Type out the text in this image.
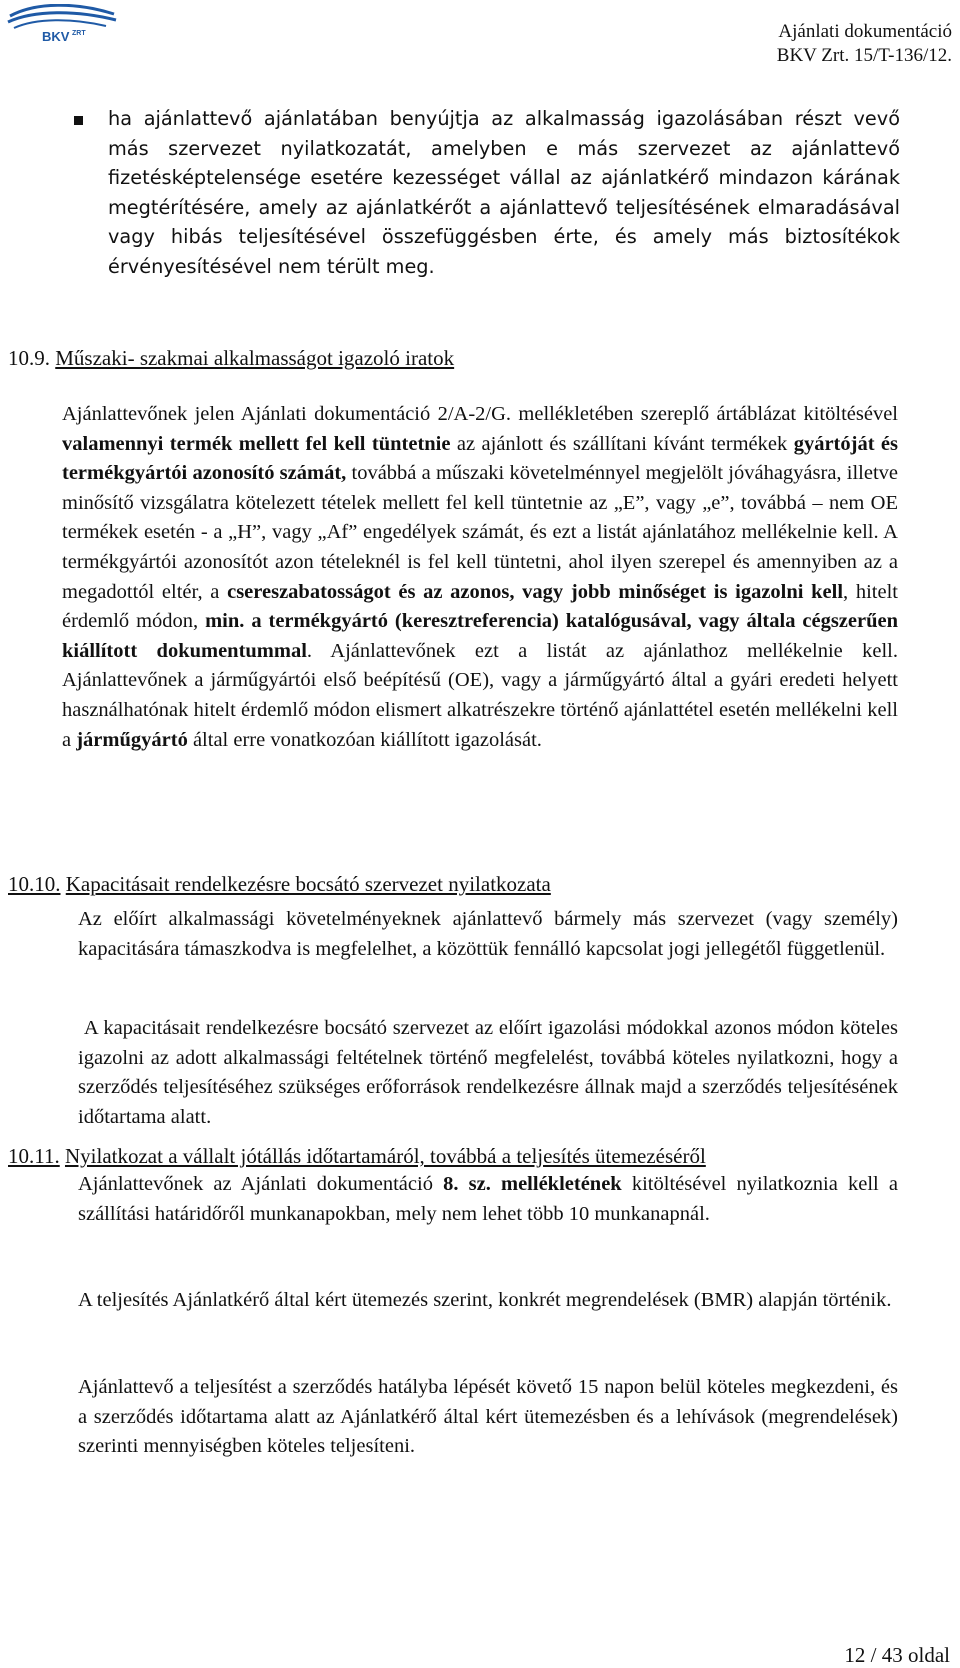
BKV ZRT	Ajánlati dokumentáció
BKV Zrt. 15/T-136/12.

ha ajánlattevő ajánlatában benyújtja az alkalmasság igazolásában részt vevő más szervezet nyilatkozatát, amelyben e más szervezet az ajánlattevő fizetésképtelensége esetére kezességet vállal az ajánlatkérő mindazon kárának megtérítésére, amely az ajánlatkérőt a ajánlattevő teljesítésének elmaradásával vagy hibás teljesítésével összefüggésben érte, és amely más biztosítékok érvényesítésével nem térült meg.

10.9. Műszaki- szakmai alkalmasságot igazoló iratok

Ajánlattevőnek jelen Ajánlati dokumentáció 2/A-2/G. mellékletében szereplő ártáblázat kitöltésével valamennyi termék mellett fel kell tüntetnie az ajánlott és szállítani kívánt termékek gyártóját és termékgyártói azonosító számát, továbbá a műszaki követelménnyel megjelölt jóváhagyásra, illetve minősítő vizsgálatra kötelezett tételek mellett fel kell tüntetnie az „E”, vagy „e”, továbbá – nem OE termékek esetén - a „H”, vagy „Af” engedélyek számát, és ezt a listát ajánlatához mellékelnie kell. A termékgyártói azonosítót azon tételeknél is fel kell tüntetni, ahol ilyen szerepel és amennyiben az a megadottól eltér, a csereszabatosságot és az azonos, vagy jobb minőséget is igazolni kell, hitelt érdemlő módon, min. a termékgyártó (keresztreferencia) katalógusával, vagy általa cégszerűen kiállított dokumentummal. Ajánlattevőnek ezt a listát az ajánlathoz mellékelnie kell. Ajánlattevőnek a járműgyártói első beépítésű (OE), vagy a járműgyártó által a gyári eredeti helyett használhatónak hitelt érdemlő módon elismert alkatrészekre történő ajánlattétel esetén mellékelni kell a járműgyártó által erre vonatkozóan kiállított igazolását.

10.10. Kapacitásait rendelkezésre bocsátó szervezet nyilatkozata

Az előírt alkalmassági követelményeknek ajánlattevő bármely más szervezet (vagy személy) kapacitására támaszkodva is megfelelhet, a közöttük fennálló kapcsolat jogi jellegétől függetlenül.

A kapacitásait rendelkezésre bocsátó szervezet az előírt igazolási módokkal azonos módon köteles igazolni az adott alkalmassági feltételnek történő megfelelést, továbbá köteles nyilatkozni, hogy a szerződés teljesítéséhez szükséges erőforrások rendelkezésre állnak majd a szerződés teljesítésének időtartama alatt.

10.11. Nyilatkozat a vállalt jótállás időtartamáról, továbbá a teljesítés ütemezéséről

Ajánlattevőnek az Ajánlati dokumentáció 8. sz. mellékletének kitöltésével nyilatkoznia kell a szállítási határidőről munkanapokban, mely nem lehet több 10 munkanapnál.

A teljesítés Ajánlatkérő által kért ütemezés szerint, konkrét megrendelések (BMR) alapján történik.

Ajánlattevő a teljesítést a szerződés hatályba lépését követő 15 napon belül köteles megkezdeni, és a szerződés időtartama alatt az Ajánlatkérő által kért ütemezésben és a lehívások (megrendelések) szerinti mennyiségben köteles teljesíteni.

12 / 43 oldal
